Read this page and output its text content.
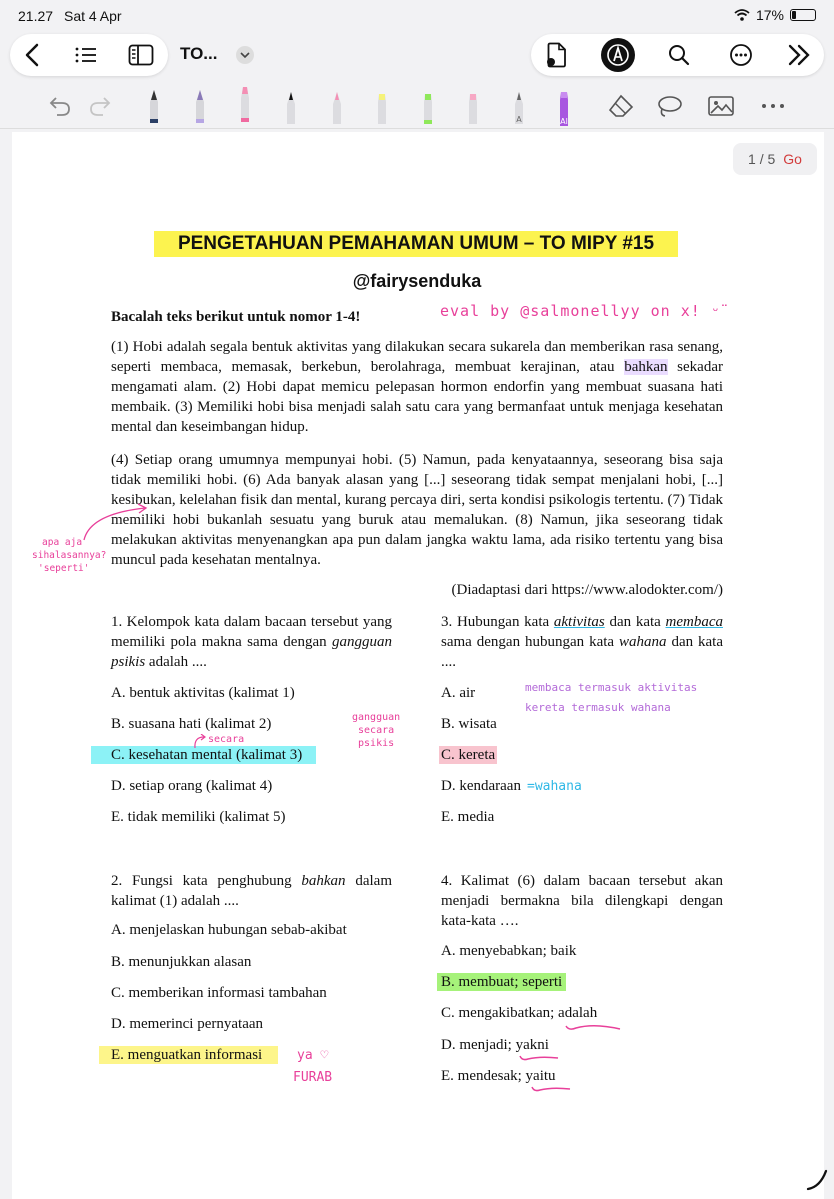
21.27 Sat 4 Apr	17%
TO...
A	Al
1 / 5 Go
PENGETAHUAN PEMAHAMAN UMUM – TO MIPY #15
@fairysenduka
Bacalah teks berikut untuk nomor 1-4!

(1) Hobi adalah segala bentuk aktivitas yang dilakukan secara sukarela dan memberikan rasa senang, seperti membaca, memasak, berkebun, berolahraga, membuat kerajinan, atau bahkan sekadar mengamati alam. (2) Hobi dapat memicu pelepasan hormon endorfin yang membuat suasana hati membaik. (3) Memiliki hobi bisa menjadi salah satu cara yang bermanfaat untuk menjaga kesehatan mental dan keseimbangan hidup.

(4) Setiap orang umumnya mempunyai hobi. (5) Namun, pada kenyataannya, seseorang bisa saja tidak memiliki hobi. (6) Ada banyak alasan yang [...] seseorang tidak sempat menjalani hobi, [...] kesibukan, kelelahan fisik dan mental, kurang percaya diri, serta kondisi psikologis tertentu. (7) Tidak memiliki hobi bukanlah sesuatu yang buruk atau memalukan. (8) Namun, jika seseorang tidak melakukan aktivitas menyenangkan apa pun dalam jangka waktu lama, ada risiko tertentu yang bisa muncul pada kesehatan mentalnya.

(Diadaptasi dari https://www.alodokter.com/)

1. Kelompok kata dalam bacaan tersebut yang memiliki pola makna sama dengan gangguan psikis adalah ....

A. bentuk aktivitas (kalimat 1)
B. suasana hati (kalimat 2)
C. kesehatan mental (kalimat 3)
D. setiap orang (kalimat 4)
E. tidak memiliki (kalimat 5)

2. Fungsi kata penghubung bahkan dalam kalimat (1) adalah ....

A. menjelaskan hubungan sebab-akibat
B. menunjukkan alasan
C. memberikan informasi tambahan
D. memerinci pernyataan
E. menguatkan informasi

3. Hubungan kata aktivitas dan kata membaca sama dengan hubungan kata wahana dan kata ....

A. air
B. wisata
C. kereta
D. kendaraan
E. media

4. Kalimat (6) dalam bacaan tersebut akan menjadi bermakna bila dilengkapi dengan kata-kata ….

A. menyebabkan; baik
B. membuat; seperti
C. mengakibatkan; adalah
D. menjadi; yakni
E. mendesak; yaitu
eval by @salmonellyy on x! ᵕ̈
apa aja
sihalasannya?
'seperti'
secara
gangguan
secara
psikis
membaca termasuk aktivitas
kereta termasuk wahana
=wahana
ya ♡
FURAB
